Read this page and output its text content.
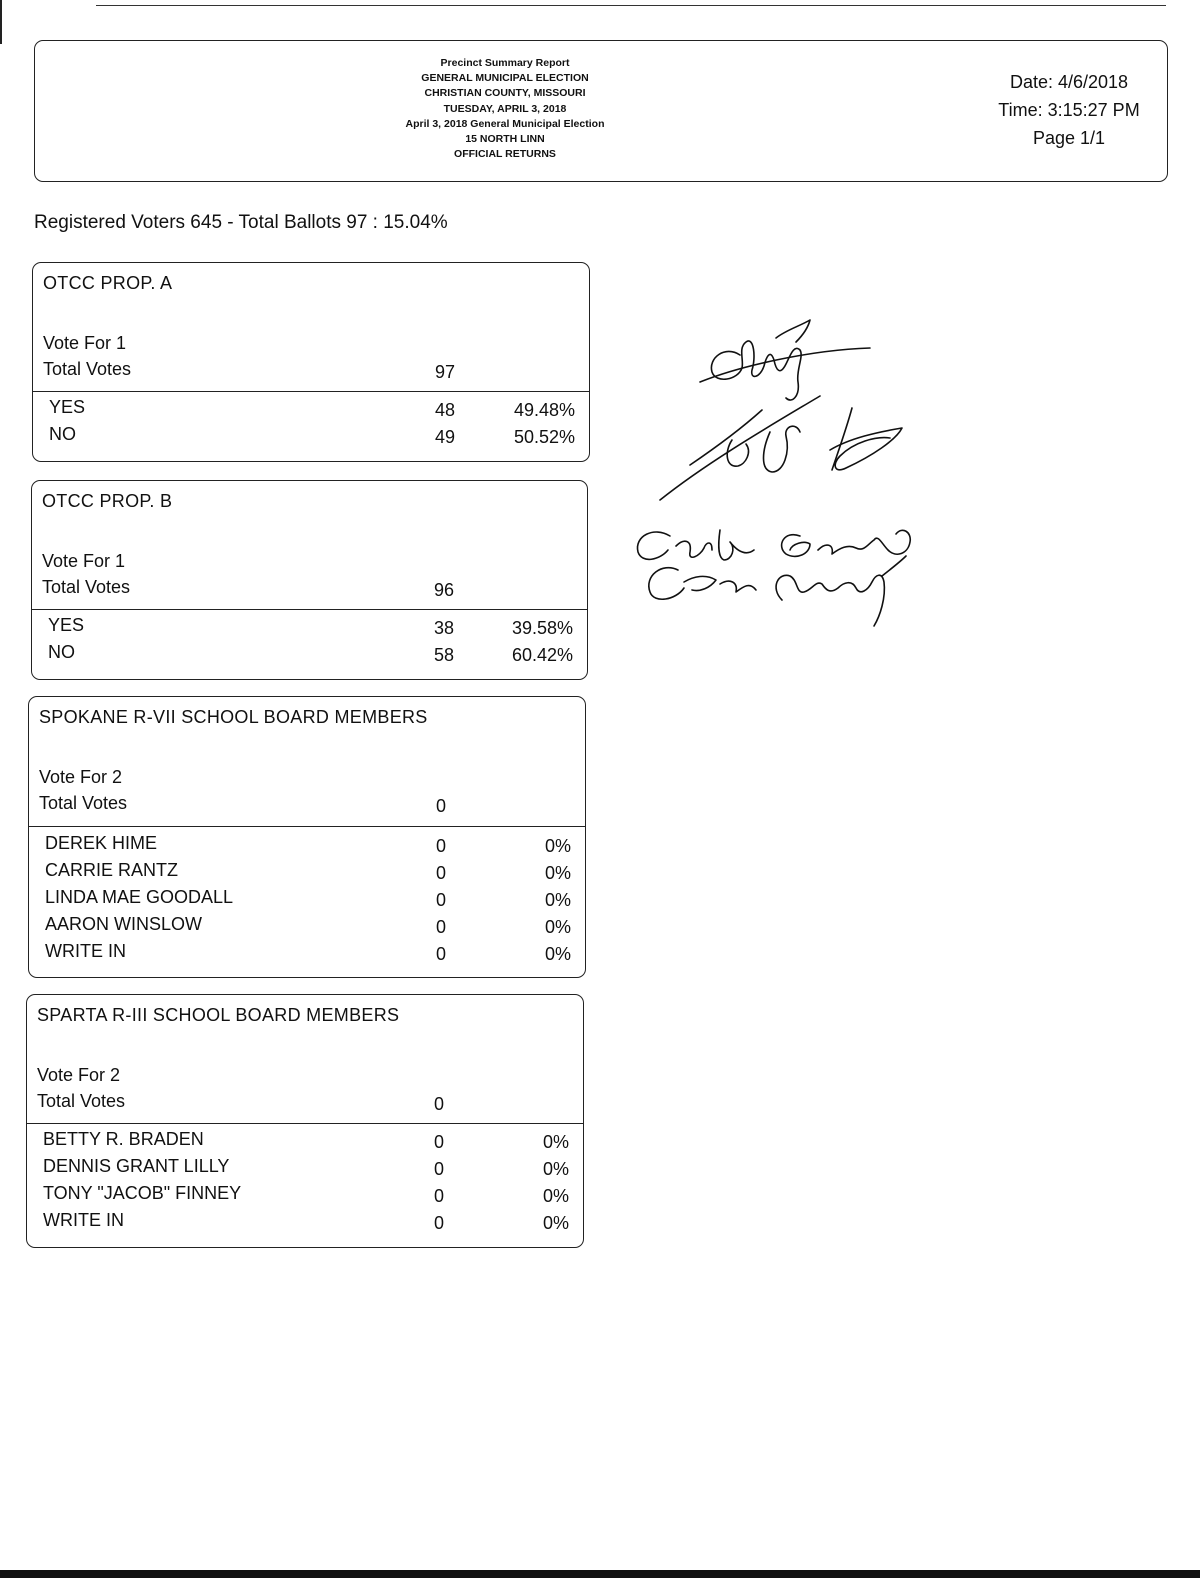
Precinct Summary Report
GENERAL MUNICIPAL ELECTION
CHRISTIAN COUNTY, MISSOURI
TUESDAY, APRIL 3, 2018
April 3, 2018 General Municipal Election
15 NORTH LINN
OFFICIAL RETURNS
Date: 4/6/2018
Time: 3:15:27 PM
Page 1/1
Registered Voters 645 - Total Ballots 97 : 15.04%
OTCC PROP. A
Vote For 1
Total Votes	97
YES	48	49.48%
NO	49	50.52%
OTCC PROP. B
Vote For 1
Total Votes	96
YES	38	39.58%
NO	58	60.42%
SPOKANE R-VII SCHOOL BOARD MEMBERS
Vote For 2
Total Votes	0
DEREK HIME	0	0%
CARRIE RANTZ	0	0%
LINDA MAE GOODALL	0	0%
AARON WINSLOW	0	0%
WRITE IN	0	0%
SPARTA R-III SCHOOL BOARD MEMBERS
Vote For 2
Total Votes	0
BETTY R. BRADEN	0	0%
DENNIS GRANT LILLY	0	0%
TONY "JACOB" FINNEY	0	0%
WRITE IN	0	0%
